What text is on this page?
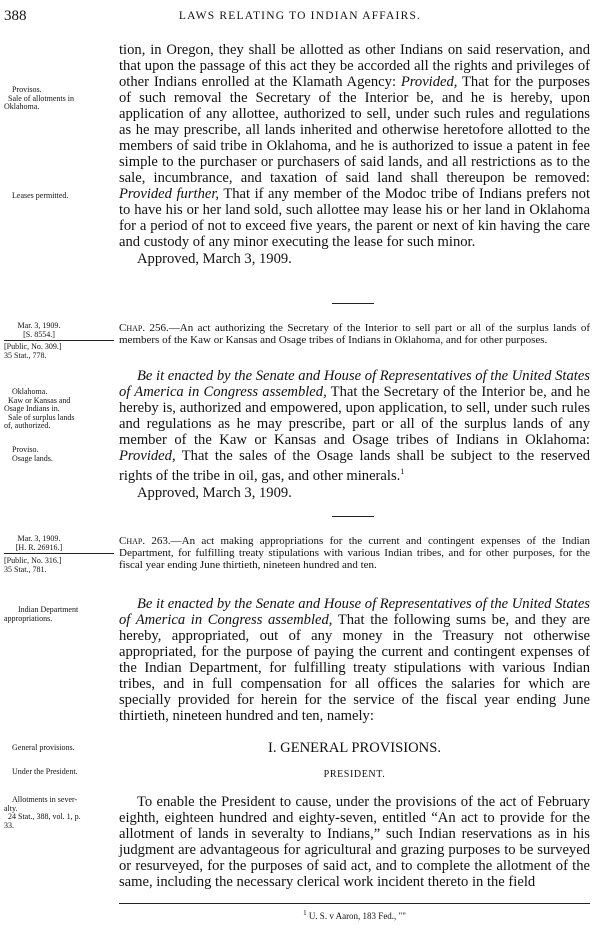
388	LAWS RELATING TO INDIAN AFFAIRS.
Provisos.
Sale of allotments in
Oklahoma.
Leases permitted.

tion, in Oregon, they shall be allotted as other Indians on said reservation, and that upon the passage of this act they be accorded all the rights and privileges of other Indians enrolled at the Klamath Agency: Provided, That for the purposes of such removal the Secretary of the Interior be, and he is hereby, upon application of any allottee, authorized to sell, under such rules and regulations as he may prescribe, all lands inherited and otherwise heretofore allotted to the members of said tribe in Oklahoma, and he is authorized to issue a patent in fee simple to the purchaser or purchasers of said lands, and all restrictions as to the sale, incumbrance, and taxation of said land shall thereupon be removed: Provided further, That if any member of the Modoc tribe of Indians prefers not to have his or her land sold, such allottee may lease his or her land in Oklahoma for a period of not to exceed five years, the parent or next of kin having the care and custody of any minor executing the lease for such minor.

Approved, March 3, 1909.

Mar. 3, 1909.
[S. 8554.]
[Public, No. 309.]
35 Stat., 778.
Oklahoma.
Kaw or Kansas and
Osage Indians in.
Sale of surplus lands
of, authorized.
Proviso.
Osage lands.
Chap. 256.—An act authorizing the Secretary of the Interior to sell part or all of the surplus lands of members of the Kaw or Kansas and Osage tribes of Indians in Oklahoma, and for other purposes.

Be it enacted by the Senate and House of Representatives of the United States of America in Congress assembled, That the Secretary of the Interior be, and he hereby is, authorized and empowered, upon application, to sell, under such rules and regulations as he may prescribe, part or all of the surplus lands of any member of the Kaw or Kansas and Osage tribes of Indians in Oklahoma: Provided, That the sales of the Osage lands shall be subject to the reserved rights of the tribe in oil, gas, and other minerals.$^1$

Approved, March 3, 1909.

Mar. 3, 1909.
[H. R. 26916.]
[Public, No. 316.]
35 Stat., 781.
Indian Department
appropriations.
General provisions.
Under the President.
Allotments in sever-
alty.
24 Stat., 388, vol. 1, p.
33.
Chap. 263.—An act making appropriations for the current and contingent expenses of the Indian Department, for fulfilling treaty stipulations with various Indian tribes, and for other purposes, for the fiscal year ending June thirtieth, nineteen hundred and ten.

Be it enacted by the Senate and House of Representatives of the United States of America in Congress assembled, That the following sums be, and they are herеby, appropriated, out of any money in the Treasury not otherwise appropriated, for the purpose of paying the current and contingent expenses of the Indian Department, for fulfilling treaty stipulations with various Indian tribes, and in full compensation for all offices the salaries for which are specially provided for herein for the service of the fiscal year ending June thirtieth, nineteen hundred and ten, namely:

I. GENERAL PROVISIONS.
PRESIDENT.

To enable the President to cause, under the provisions of the act of February eighth, eighteen hundred and eighty-seven, entitled “An act to provide for the allotment of lands in severalty to Indians,” such Indian reservations as in his judgment are advantageous for agricultural and grazing purposes to be surveyed or resurveyed, for the purposes of said act, and to complete the allotment of the same, including the necessary clerical work incident thereto in the field

$^1$ U. S. v Aaron, 183 Fed., ""
